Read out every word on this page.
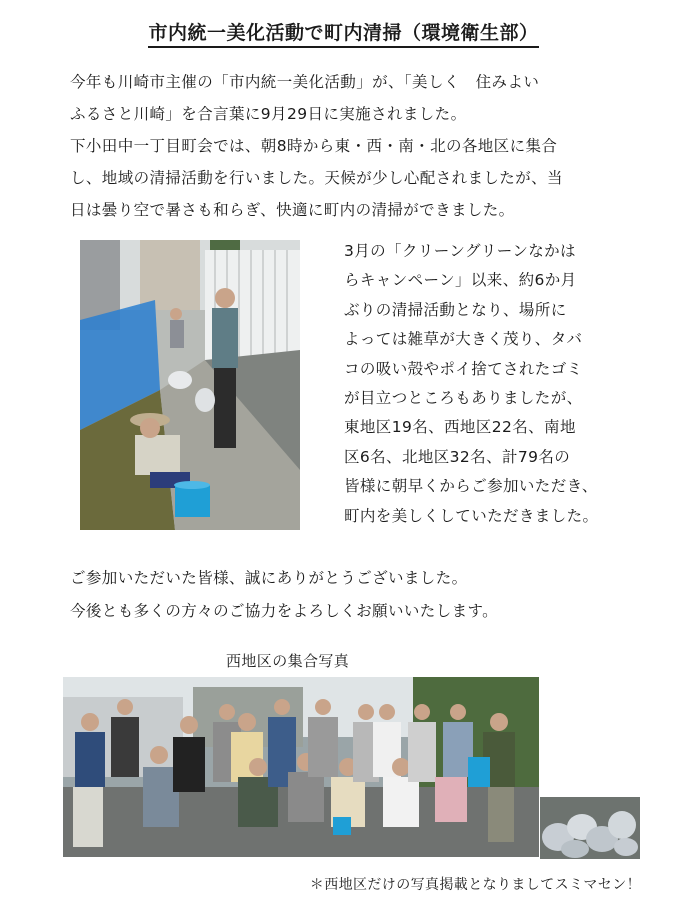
市内統一美化活動で町内清掃（環境衛生部）

今年も川崎市主催の「市内統一美化活動」が、「美しく　住みよい

ふるさと川崎」を合言葉に9月29日に実施されました。

下小田中一丁目町会では、朝8時から東・西・南・北の各地区に集合

し、地域の清掃活動を行いました。天候が少し心配されましたが、当

日は曇り空で暑さも和らぎ、快適に町内の清掃ができました。

3月の「クリーングリーンなかは
らキャンペーン」以来、約6か月
ぶりの清掃活動となり、場所に
よっては雑草が大きく茂り、タバ
コの吸い殻やポイ捨てされたゴミ
が目立つところもありましたが、
東地区19名、西地区22名、南地
区6名、北地区32名、計79名の
皆様に朝早くからご参加いただき、
町内を美しくしていただきました。

ご参加いただいた皆様、誠にありがとうございました。

今後とも多くの方々のご協力をよろしくお願いいたします。

西地区の集合写真
＊西地区だけの写真掲載となりましてスミマセン！
